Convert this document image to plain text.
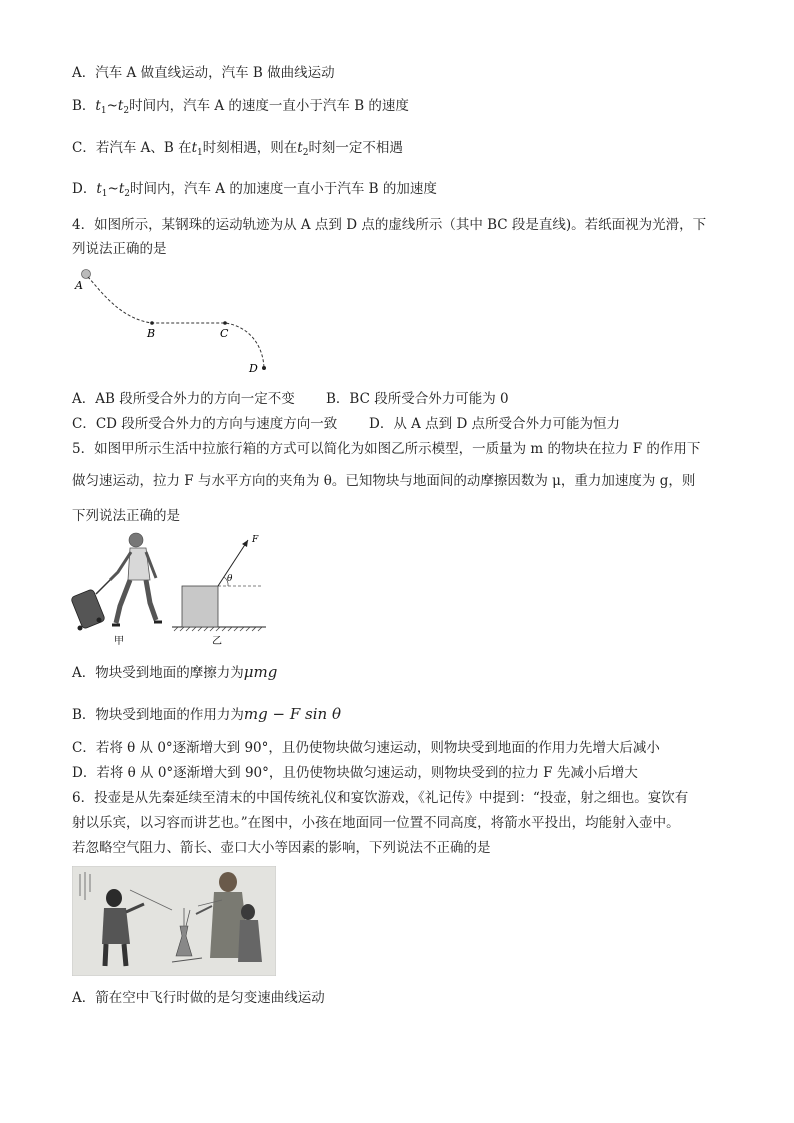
A．汽车 A 做直线运动，汽车 B 做曲线运动
B．$t_1\sim t_2$时间内，汽车 A 的速度一直小于汽车 B 的速度
C．若汽车 A、B 在$t_1$时刻相遇，则在$t_2$时刻一定不相遇
D．$t_1\sim t_2$时间内，汽车 A 的加速度一直小于汽车 B 的加速度
4．如图所示，某钢珠的运动轨迹为从 A 点到 D 点的虚线所示（其中 BC 段是直线)。若纸面视为光滑，下
列说法正确的是
A
B	C
D
A．AB 段所受合外力的方向一定不变 B．BC 段所受合外力可能为 0
C．CD 段所受合外力的方向与速度方向一致 D．从 A 点到 D 点所受合外力可能为恒力
5．如图甲所示生活中拉旅行箱的方式可以简化为如图乙所示模型，一质量为 m 的物块在拉力 F 的作用下
做匀速运动，拉力 F 与水平方向的夹角为 θ。已知物块与地面间的动摩擦因数为 μ，重力加速度为 g，则
下列说法正确的是
甲
F
θ
乙
A．物块受到地面的摩擦力为μmg
B．物块受到地面的作用力为mg − F sin θ
C．若将 θ 从 0°逐渐增大到 90°，且仍使物块做匀速运动，则物块受到地面的作用力先增大后减小
D．若将 θ 从 0°逐渐增大到 90°，且仍使物块做匀速运动，则物块受到的拉力 F 先减小后增大
6．投壶是从先秦延续至清末的中国传统礼仪和宴饮游戏，《礼记传》中提到：“投壶，射之细也。宴饮有
射以乐宾，以习容而讲艺也。”在图中，小孩在地面同一位置不同高度，将箭水平投出，均能射入壶中。
若忽略空气阻力、箭长、壶口大小等因素的影响，下列说法不正确的是
A．箭在空中飞行时做的是匀变速曲线运动
